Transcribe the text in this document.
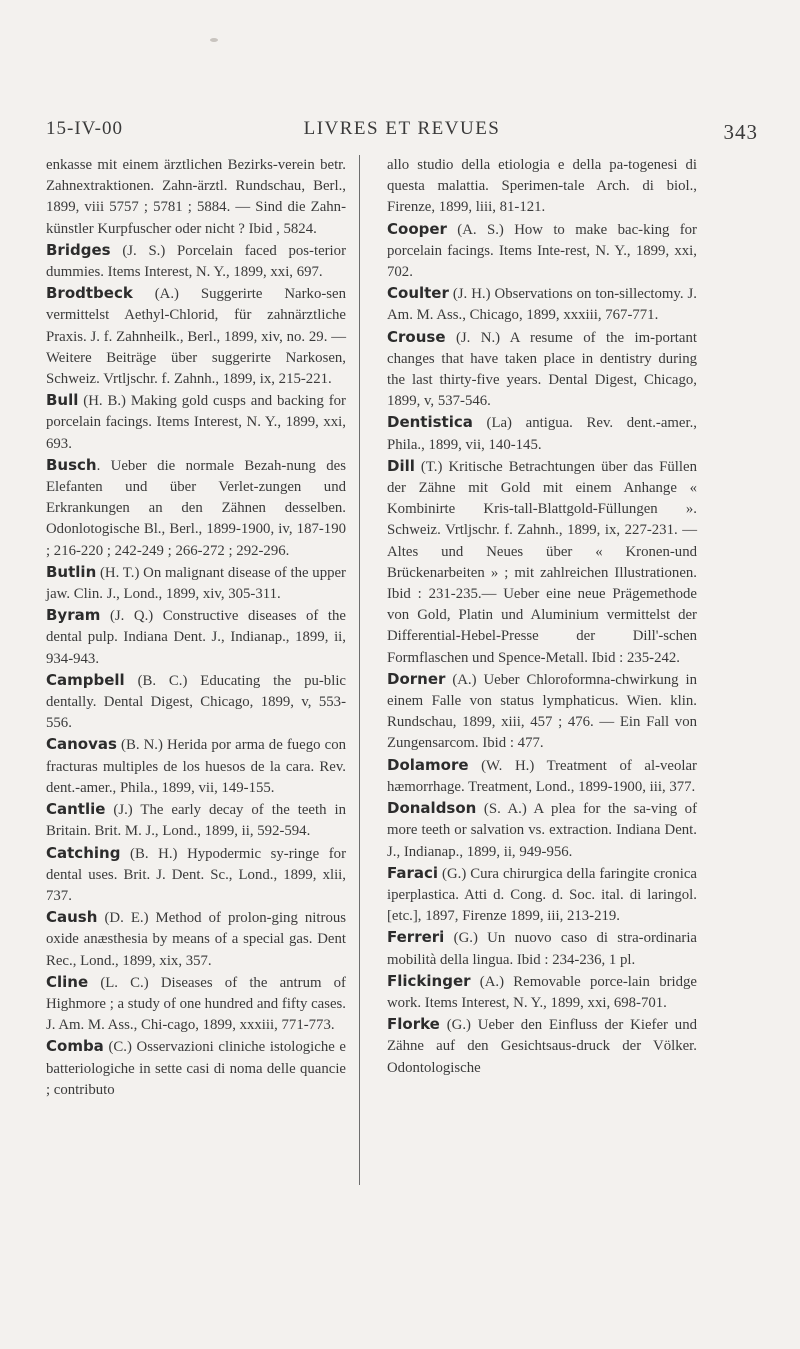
15-IV-00	LIVRES ET REVUES	343

enkasse mit einem ärztlichen Bezirks-verein betr. Zahnextraktionen. Zahn-ärztl. Rundschau, Berl., 1899, viii 5757 ; 5781 ; 5884. — Sind die Zahn-künstler Kurpfuscher oder nicht ? Ibid , 5824.

Bridges (J. S.) Porcelain faced pos-terior dummies. Items Interest, N. Y., 1899, xxi, 697.

Brodtbeck (A.) Suggerirte Narko-sen vermittelst Aethyl-Chlorid, für zahnärztliche Praxis. J. f. Zahnheilk., Berl., 1899, xiv, no. 29. — Weitere Beiträge über suggerirte Narkosen, Schweiz. Vrtljschr. f. Zahnh., 1899, ix, 215-221.

Bull (H. B.) Making gold cusps and backing for porcelain facings. Items Interest, N. Y., 1899, xxi, 693.

Busch. Ueber die normale Bezah-nung des Elefanten und über Verlet-zungen und Erkrankungen an den Zähnen desselben. Odonlotogische Bl., Berl., 1899-1900, iv, 187-190 ; 216-220 ; 242-249 ; 266-272 ; 292-296.

Butlin (H. T.) On malignant disease of the upper jaw. Clin. J., Lond., 1899, xiv, 305-311.

Byram (J. Q.) Constructive diseases of the dental pulp. Indiana Dent. J., Indianap., 1899, ii, 934-943.

Campbell (B. C.) Educating the pu-blic dentally. Dental Digest, Chicago, 1899, v, 553-556.

Canovas (B. N.) Herida por arma de fuego con fracturas multiples de los huesos de la cara. Rev. dent.-amer., Phila., 1899, vii, 149-155.

Cantlie (J.) The early decay of the teeth in Britain. Brit. M. J., Lond., 1899, ii, 592-594.

Catching (B. H.) Hypodermic sy-ringe for dental uses. Brit. J. Dent. Sc., Lond., 1899, xlii, 737.

Caush (D. E.) Method of prolon-ging nitrous oxide anæsthesia by means of a special gas. Dent Rec., Lond., 1899, xix, 357.

Cline (L. C.) Diseases of the antrum of Highmore ; a study of one hundred and fifty cases. J. Am. M. Ass., Chi-cago, 1899, xxxiii, 771-773.

Comba (C.) Osservazioni cliniche istologiche e batteriologiche in sette casi di noma delle quancie ; contributo

allo studio della etiologia e della pa-togenesi di questa malattia. Sperimen-tale Arch. di biol., Firenze, 1899, liii, 81-121.

Cooper (A. S.) How to make bac-king for porcelain facings. Items Inte-rest, N. Y., 1899, xxi, 702.

Coulter (J. H.) Observations on ton-sillectomy. J. Am. M. Ass., Chicago, 1899, xxxiii, 767-771.

Crouse (J. N.) A resume of the im-portant changes that have taken place in dentistry during the last thirty-five years. Dental Digest, Chicago, 1899, v, 537-546.

Dentistica (La) antigua. Rev. dent.-amer., Phila., 1899, vii, 140-145.

Dill (T.) Kritische Betrachtungen über das Füllen der Zähne mit Gold mit einem Anhange « Kombinirte Kris-tall-Blattgold-Füllungen ». Schweiz. Vrtljschr. f. Zahnh., 1899, ix, 227-231. — Altes und Neues über « Kronen-und Brückenarbeiten » ; mit zahlreichen Illustrationen. Ibid : 231-235.— Ueber eine neue Prägemethode von Gold, Platin und Aluminium vermittelst der Differential-Hebel-Presse der Dill'-schen Formflaschen und Spence-Metall. Ibid : 235-242.

Dorner (A.) Ueber Chloroformna-chwirkung in einem Falle von status lymphaticus. Wien. klin. Rundschau, 1899, xiii, 457 ; 476. — Ein Fall von Zungensarcom. Ibid : 477.

Dolamore (W. H.) Treatment of al-veolar hæmorrhage. Treatment, Lond., 1899-1900, iii, 377.

Donaldson (S. A.) A plea for the sa-ving of more teeth or salvation vs. extraction. Indiana Dent. J., Indianap., 1899, ii, 949-956.

Faraci (G.) Cura chirurgica della faringite cronica iperplastica. Atti d. Cong. d. Soc. ital. di laringol. [etc.], 1897, Firenze 1899, iii, 213-219.

Ferreri (G.) Un nuovo caso di stra-ordinaria mobilità della lingua. Ibid : 234-236, 1 pl.

Flickinger (A.) Removable porce-lain bridge work. Items Interest, N. Y., 1899, xxi, 698-701.

Florke (G.) Ueber den Einfluss der Kiefer und Zähne auf den Gesichtsaus-druck der Völker. Odontologische
